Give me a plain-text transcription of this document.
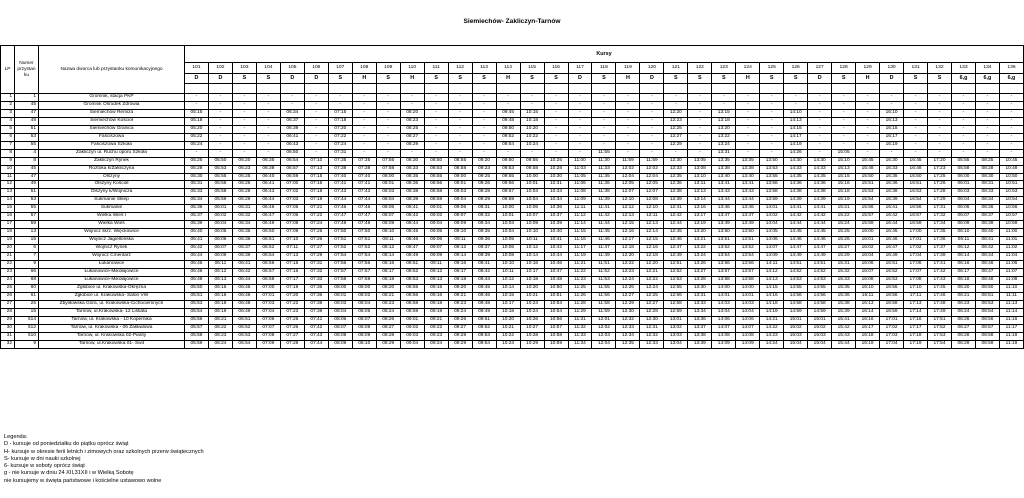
Siemiechów- Zakliczyn-Tarnów
LP	Numer przystan ku	Nazwa dworca lub przystanku komunikacyjnego	Kursy																																		
			101	102	103	104	105	106	107	108	109	110	111	112	113	114	115	116	117	118	119	120	121	122	123	124	125	126	127	128	129	130	131	132	133	134	136
			D	D	S	S	D	D	S	H	S	H	S	S	S	H	S	S	D	S	H	D	S	S	S	H	S	S	D	S	H	D	S	S	6,g	6,g	6,g

1	1	Gromnik, stacja PKP	-	-	-	-	-	-	-	-	-	-	-	-	-	-	-	-	-	-	-	-	-	-	-	-	-	-	-	-	-	-	-	-	-	-	-
2	45	Gromnik Ośrodek Zdrowia	-	-	-	-	-	-	-	-	-	-	-	-	-	-	-	-	-	-	-	-	-	-	-	-	-	-	-	-	-	-	-	-	-	-	-
3	47	Siemiechów Remiza	05:15	-	-	-	06:34	-	07:15	-	-	08:20	-	-	-	09:45	10:15	-	-	-	-	-	12:20	-	13:15	-	-	14:10	-	-	-	16:10	-	-	-	-	-
4	49	Siemiechów Kościół	05:18	-	-	-	06:37	-	07:18	-	-	08:23	-	-	-	09:48	10:18	-	-	-	-	-	12:23	-	13:18	-	-	14:13	-	-	-	16:13	-	-	-	-	-
5	51	Siemiechów Granica	05:20	-	-	-	06:39	-	07:20	-	-	08:25	-	-	-	09:50	10:20	-	-	-	-	-	12:25	-	13:20	-	-	14:15	-	-	-	16:15	-	-	-	-	-
6	53	Faściszowa	05:22	-	-	-	06:41	-	07:22	-	-	08:27	-	-	-	09:52	10:22	-	-	-	-	-	12:27	-	13:22	-	-	14:17	-	-	-	16:17	-	-	-	-	-
7	55	Faściszowa Szkoła	05:24	-	-	-	06:43	-	07:24	-	-	08:29	-	-	-	09:54	10:24	-	-	-	-	-	12:29	-	13:24	-	-	14:19	-	-	-	16:19	-	-	-	-	-
8	4	Zakliczyn ul. Ruchu oporu Szkoła	-	-	-	-	06:50	-	07:31	-	-	-	-	-	-	-	-	-	-	11:55	-	-	-	-	13:31	-	-	14:26	-	15:05	-	-	-	-	-	-	-
9	8	Zakliczyn Rynek	05:25	05:50	06:20	06:35	06:54	07:10	07:35	07:35	07:55	08:30	08:50	08:55	09:20	09:50	09:55	10:25	11:00	11:30	11:59	11:59	12:30	13:05	13:35	13:35	13:50	14:30	14:30	15:10	15:45	16:30	16:45	17:20	05:55	08:25	10:45
10	45	Roztoka k/Zakliczyna	05:28	05:53	06:23	06:38	06:57	07:13	07:38	07:38	07:58	08:33	08:53	08:58	09:23	09:53	09:58	10:28	11:03	11:33	12:02	12:02	12:33	13:08	13:38	13:38	13:53	14:33	14:33	15:13	15:48	16:33	16:48	17:23	05:58	08:28	10:48
11	47	Olszyny	05:30	05:55	06:25	06:40	06:59	07:15	07:40	07:40	08:00	08:35	08:55	09:00	09:25	09:55	10:00	10:30	11:05	11:35	12:04	12:04	12:35	13:10	13:40	13:40	13:55	14:35	14:35	15:15	15:50	16:35	16:50	17:25	06:00	08:30	10:50
12	49	Olszyny Kościół	05:31	05:56	06:26	06:41	07:00	07:16	07:41	07:41	08:01	08:36	08:56	09:01	09:26	09:56	10:01	10:31	11:06	11:36	12:05	12:05	12:36	13:11	13:41	13:41	13:56	14:36	14:36	15:16	15:51	16:36	16:51	17:26	06:01	08:31	10:51
13	51	Olszyny k/Wojnicza	05:33	05:58	06:28	06:43	07:02	07:18	07:43	07:43	08:03	08:38	08:58	09:03	09:28	09:57	10:03	10:33	11:08	11:38	12:07	12:07	12:38	13:13	13:43	13:43	13:58	14:38	14:38	15:18	15:53	16:38	16:53	17:28	06:03	08:33	10:53
14	53	Sukmanie Sklep	05:34	05:59	06:29	06:44	07:03	07:19	07:44	07:44	08:04	08:39	08:59	09:04	09:29	09:59	10:04	10:34	11:09	11:39	12:10	12:08	12:39	13:14	13:44	13:44	13:59	14:39	14:39	15:19	15:54	16:39	16:54	17:29	06:04	08:34	10:54
15	55	Sukmanie	05:36	06:01	06:31	06:46	07:05	07:21	07:46	07:46	08:06	08:41	09:01	09:06	09:31	10:00	10:06	10:36	11:11	11:41	12:12	12:10	12:41	13:16	13:46	13:46	14:01	14:41	14:41	15:21	15:56	16:41	16:56	17:31	06:06	08:36	10:56
16	57	Wielka Wieś I	05:37	06:02	06:32	06:47	07:06	07:22	07:47	07:47	08:07	08:42	09:02	09:07	09:32	10:01	10:07	10:37	11:12	11:42	12:13	12:11	12:42	13:17	13:47	13:47	14:02	14:42	14:42	15:22	15:57	16:42	16:57	17:32	06:07	08:37	10:57
17	59	Wielka Wieś	05:39	06:04	06:34	06:49	07:08	07:24	07:49	07:49	08:09	08:44	09:04	09:09	09:34	10:03	10:09	10:39	11:14	11:44	12:15	12:13	12:44	13:19	13:49	13:49	14:04	14:44	14:44	15:24	15:59	16:44	16:59	17:34	06:09	08:39	10:59
18	13	Wojnicz skrz. Więckowice	05:40	06:05	06:35	06:50	07:09	07:25	07:50	07:50	08:10	08:45	09:05	09:10	09:35	10:04	10:10	10:40	11:15	11:45	12:16	12:14	12:45	13:20	13:50	13:50	14:05	14:45	14:45	15:25	16:00	16:45	17:00	17:35	06:10	08:40	11:00
19	15	Wojnicz Jagiellońska	05:41	06:06	06:36	06:51	07:10	07:26	07:51	07:51	08:11	08:46	09:06	09:11	09:36	10:05	10:11	10:41	11:16	11:46	12:17	12:15	12:46	13:21	13:51	13:51	14:06	14:46	14:46	15:26	16:01	16:46	17:01	17:36	06:11	08:41	11:01
20	6	Wojnicz Rynek	05:42	06:07	06:37	06:52	07:11	07:27	07:52	07:52	08:12	08:47	09:07	09:12	09:37	10:06	10:12	10:42	11:17	11:47	12:18	12:16	12:47	13:22	13:52	13:52	14:07	14:47	14:47	15:27	16:02	16:47	17:02	17:37	06:12	08:42	11:02
21	7	Wojnicz Cmentarz	05:44	06:09	06:39	06:54	07:13	07:29	07:54	07:54	08:14	08:49	09:09	09:14	09:39	10:08	10:14	10:44	11:19	11:49	12:20	12:18	12:49	13:24	13:54	13:54	14:09	14:49	14:49	15:29	16:04	16:49	17:04	17:39	06:14	08:44	11:04
22	9	Łukanowice	05:45	06:11	06:41	06:56	07:15	07:31	07:56	07:56	08:16	08:51	09:11	09:16	09:41	10:10	10:16	10:46	11:21	11:51	12:22	12:20	12:51	13:26	13:56	13:56	14:11	14:51	14:51	15:31	16:06	16:51	17:06	17:41	06:16	08:46	11:06
23	66	Łukanowice-Mikołajówice	05:46	06:12	06:42	06:57	07:16	07:32	07:57	07:57	08:17	08:52	09:12	09:17	09:42	10:11	10:17	10:47	11:22	11:52	12:23	12:21	12:52	13:27	13:57	13:57	14:12	14:52	14:52	15:32	16:07	16:52	17:07	17:42	06:17	08:47	11:07
24	68	Łukanowice-Mikołajówice	05:48	06:13	06:44	06:58	07:17	07:33	07:58	07:59	08:18	08:53	09:13	09:18	09:43	10:12	10:18	10:48	11:23	11:53	12:24	12:22	12:53	13:28	13:58	13:58	14:13	14:53	14:53	15:33	16:08	16:53	17:08	17:43	06:18	08:48	11:08
25	60	Zgłobice ul. Krakowska-Okrężna	05:50	06:15	06:45	07:00	07:19	07:35	08:00	08:00	08:20	08:55	09:15	09:20	09:45	10:14	10:20	10:50	11:25	11:55	12:26	12:24	12:55	13:30	14:00	14:00	14:15	14:55	14:55	15:35	16:10	16:55	17:10	17:45	06:20	08:50	11:10
26	61	Zgłobice ul. Krakowska- Salon VW	05:51	06:16	06:46	07:01	07:20	07:36	08:01	08:02	08:21	08:56	09:16	09:21	09:46	10:15	10:21	10:51	11:26	11:56	12:27	12:25	12:56	13:31	14:01	14:01	14:16	14:56	14:56	15:36	16:11	16:56	17:11	17:46	06:21	08:51	11:11
27	25	Zbylitowska Góra, ul. Krakowska-Cichociemnych	05:53	06:18	06:48	07:03	07:22	07:38	08:03	08:04	08:23	08:58	09:18	09:23	09:48	10:17	10:23	10:53	11:28	11:58	12:29	12:27	12:58	13:33	14:03	14:03	14:18	14:58	14:58	15:38	16:13	16:58	17:13	17:48	06:23	08:53	11:13
28	15	Tarnów, ul.Krakowska- 12 Listiata	05:54	06:19	06:49	07:04	07:23	07:39	08:04	08:05	08:24	08:59	09:19	09:24	09:49	10:18	10:24	10:54	11:29	11:59	12:30	12:28	12:59	13:34	14:04	14:04	14:19	14:59	14:59	15:39	16:14	16:59	17:14	17:49	06:24	08:54	11:14
29	514	Tarnów, ul. Krakowska - 10 Kopernika	05:56	06:21	06:51	07:06	07:25	07:41	08:06	08:07	08:26	09:01	09:21	09:26	09:51	10:20	10:26	10:56	11:31	12:01	12:32	12:30	13:01	13:36	14:06	14:06	14:21	15:01	15:01	15:41	16:16	17:01	17:16	17:51	06:26	08:56	11:16
30	512	Tarnów, ul. Krakowska - 06 Zakładowa	05:57	06:22	06:52	07:07	07:26	07:42	08:07	08:08	08:27	09:02	09:22	09:27	09:52	10:21	10:27	10:57	11:32	12:02	12:33	12:31	13:02	13:37	14:07	14:07	14:22	15:02	15:02	15:42	16:17	17:02	17:17	17:52	06:27	08:57	11:17
31	510	Tarnów, ul. Krakowska 02-Pianty	05:58	06:23	06:53	07:08	07:27	07:43	08:08	08:09	08:28	09:03	09:23	09:28	09:53	10:22	10:28	10:58	11:33	12:03	12:34	12:32	13:03	13:38	14:08	14:08	14:23	15:03	15:03	15:43	16:18	17:03	17:18	17:53	06:28	08:58	11:18
32	9	Tarnów, ul.Krakowska 01- Świt	05:59	06:24	06:54	07:09	07:28	07:44	08:09	08:10	08:29	09:04	09:24	09:29	09:54	10:23	10:29	10:59	11:34	12:04	12:35	12:33	13:04	13:39	14:09	14:09	14:24	15:04	15:04	15:44	16:19	17:04	17:19	17:54	06:29	08:59	11:19
Legenda:
D - kursuje od poniedziałku do piątku oprócz świąt
H- kursuje w okresie ferii letnich i zimowych oraz szkolnych przerw świątecznych
S- kursuje w dni nauki szkolnej
6- kursuje w soboty oprócz świąt
g - nie kursuje w dniu 24 XII,31XII i w Wielką Sobotę
nie kursujemy w święta państwowe i kościelne ustawowo wolne
